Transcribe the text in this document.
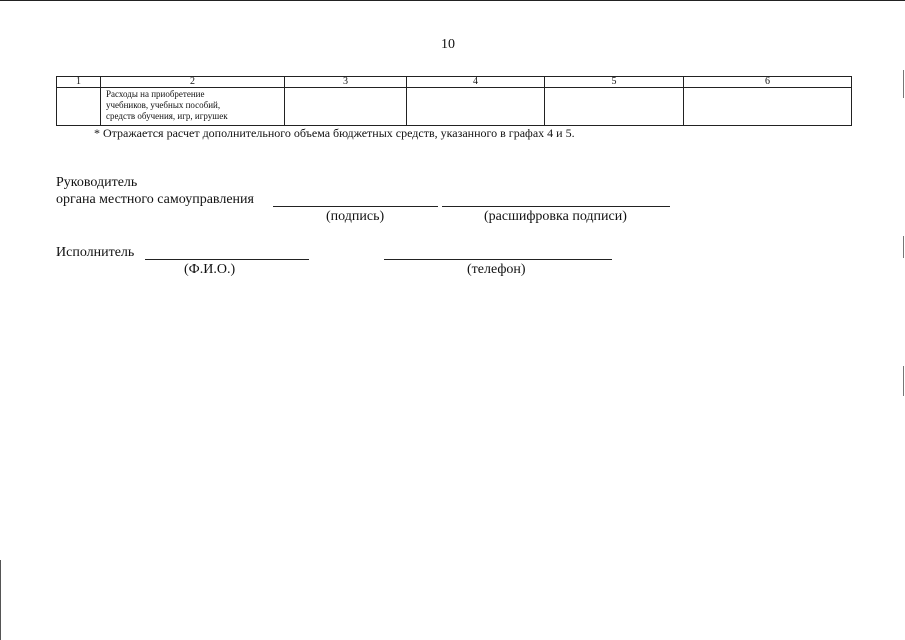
10
1	2	3	4	5	6

	Расходы на приобретение
учебников, учебных пособий,
средств обучения, игр, игрушек				

* Отражается расчет дополнительного объема бюджетных средств, указанного в графах 4 и 5.
Руководитель
органа местного самоуправления
(подпись)	(расшифровка подписи)
Исполнитель
(Ф.И.О.)	(телефон)
